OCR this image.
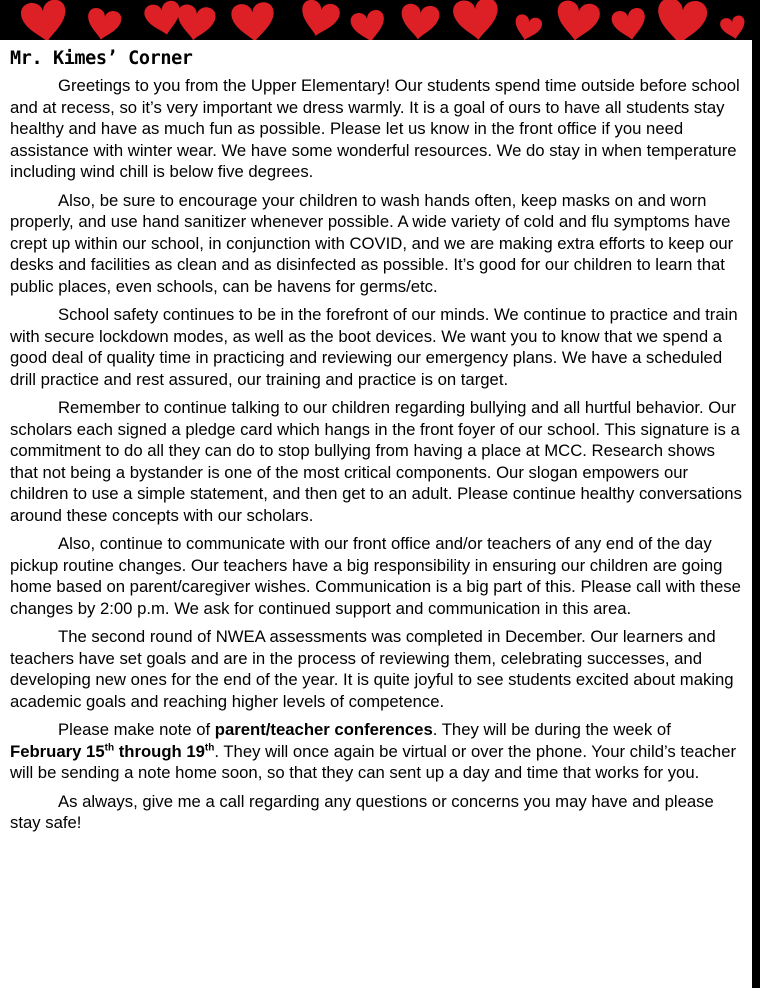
Mr. Kimes’ Corner

Greetings to you from the Upper Elementary! Our students spend time outside before school and at recess, so it’s very important we dress warmly. It is a goal of ours to have all students stay healthy and have as much fun as possible. Please let us know in the front office if you need assistance with winter wear. We have some wonderful resources. We do stay in when temperature including wind chill is below five degrees.

Also, be sure to encourage your children to wash hands often, keep masks on and worn properly, and use hand sanitizer whenever possible. A wide variety of cold and flu symptoms have crept up within our school, in conjunction with COVID, and we are making extra efforts to keep our desks and facilities as clean and as disinfected as possible. It’s good for our children to learn that public places, even schools, can be havens for germs/etc.

School safety continues to be in the forefront of our minds. We continue to practice and train with secure lockdown modes, as well as the boot devices. We want you to know that we spend a good deal of quality time in practicing and reviewing our emergency plans. We have a scheduled drill practice and rest assured, our training and practice is on target.

Remember to continue talking to our children regarding bullying and all hurtful behavior. Our scholars each signed a pledge card which hangs in the front foyer of our school. This signature is a commitment to do all they can do to stop bullying from having a place at MCC. Research shows that not being a bystander is one of the most critical components. Our slogan empowers our children to use a simple statement, and then get to an adult. Please continue healthy conversations around these concepts with our scholars.

Also, continue to communicate with our front office and/or teachers of any end of the day pickup routine changes. Our teachers have a big responsibility in ensuring our children are going home based on parent/caregiver wishes. Communication is a big part of this. Please call with these changes by 2:00 p.m. We ask for continued support and communication in this area.

The second round of NWEA assessments was completed in December. Our learners and teachers have set goals and are in the process of reviewing them, celebrating successes, and developing new ones for the end of the year. It is quite joyful to see students excited about making academic goals and reaching higher levels of competence.

Please make note of parent/teacher conferences. They will be during the week of February 15th through 19th. They will once again be virtual or over the phone. Your child’s teacher will be sending a note home soon, so that they can sent up a day and time that works for you.

As always, give me a call regarding any questions or concerns you may have and please stay safe!
